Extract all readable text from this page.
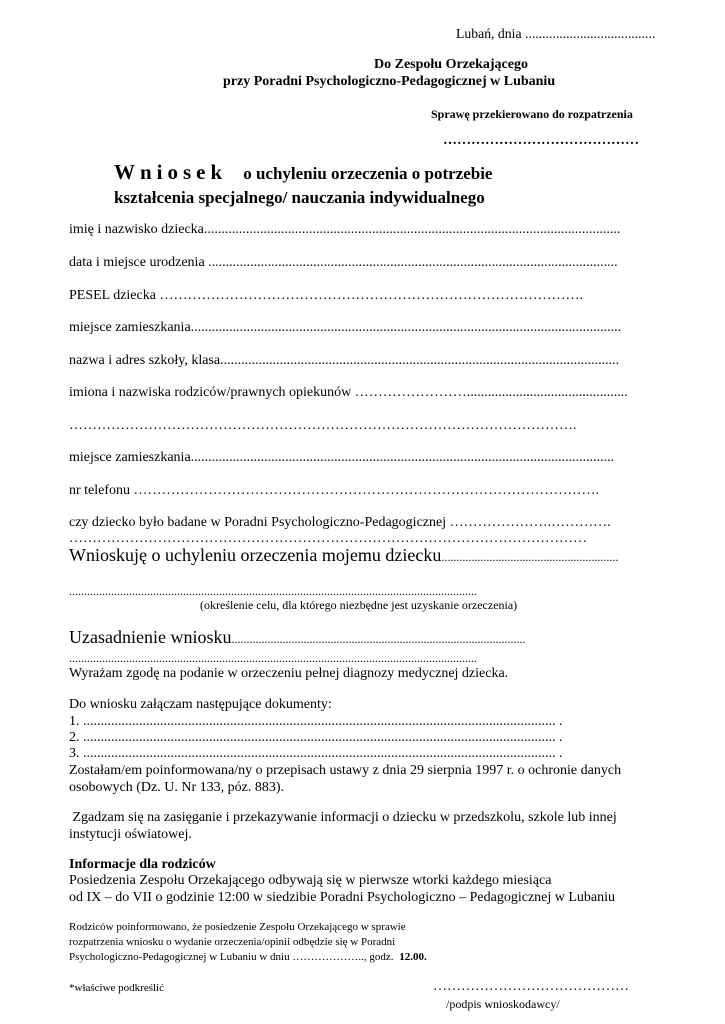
Lubań, dnia ......................................
Do Zespołu Orzekającego
przy Poradni Psychologiczno-Pedagogicznej w Lubaniu
Sprawę przekierowano do rozpatrzenia
……………………………………
Wniosek o uchyleniu orzeczenia o potrzebie
kształcenia specjalnego/ nauczania indywidualnego
imię i nazwisko dziecka.......................................................................................................................
data i miejsce urodzenia .....................................................................................................................
PESEL dziecka ……………………………………………………………………………….
miejsce zamieszkania...........................................................................................................................
nazwa i adres szkoły, klasa..................................................................................................................
imiona i nazwiska rodziców/prawnych opiekunów ……………………..............................................
……………………………………………………………………………………………….
miejsce zamieszkania.........................................................................................................................
nr telefonu ……………………………………………………………………………………….
czy dziecko było badane w Poradni Psychologiczno-Pedagogicznej ………………….………….
…………………………………………………………………………………………………
Wnioskuję o uchyleniu orzeczenia mojemu dziecku...........................................................
........................................................................................................................................
(określenie celu, dla którego niezbędne jest uzyskanie orzeczenia)
Uzasadnienie wniosku..................................................................................................
........................................................................................................................................
Wyrażam zgodę na podanie w orzeczeniu pełnej diagnozy medycznej dziecka.
Do wniosku załączam następujące dokumenty:
1. ....................................................................................................................................... .
2. ....................................................................................................................................... .
3. ....................................................................................................................................... .
Zostałam/em poinformowana/ny o przepisach ustawy z dnia 29 sierpnia 1997 r. o ochronie danych
osobowych (Dz. U. Nr 133, póz. 883).
Zgadzam się na zasięganie i przekazywanie informacji o dziecku w przedszkolu, szkole lub innej
instytucji oświatowej.
Informacje dla rodziców
Posiedzenia Zespołu Orzekającego odbywają się w pierwsze wtorki każdego miesiąca
od IX – do VII o godzinie 12:00 w siedzibie Poradni Psychologiczno – Pedagogicznej w Lubaniu
Rodziców poinformowano, że posiedzenie Zespołu Orzekającego w sprawie
rozpatrzenia wniosku o wydanie orzeczenia/opinii odbędzie się w Poradni
Psychologiczno-Pedagogicznej w Lubaniu w dniu ……………….., godz. 12.00.
*właściwe podkreślić	……………………………………
/podpis wnioskodawcy/
